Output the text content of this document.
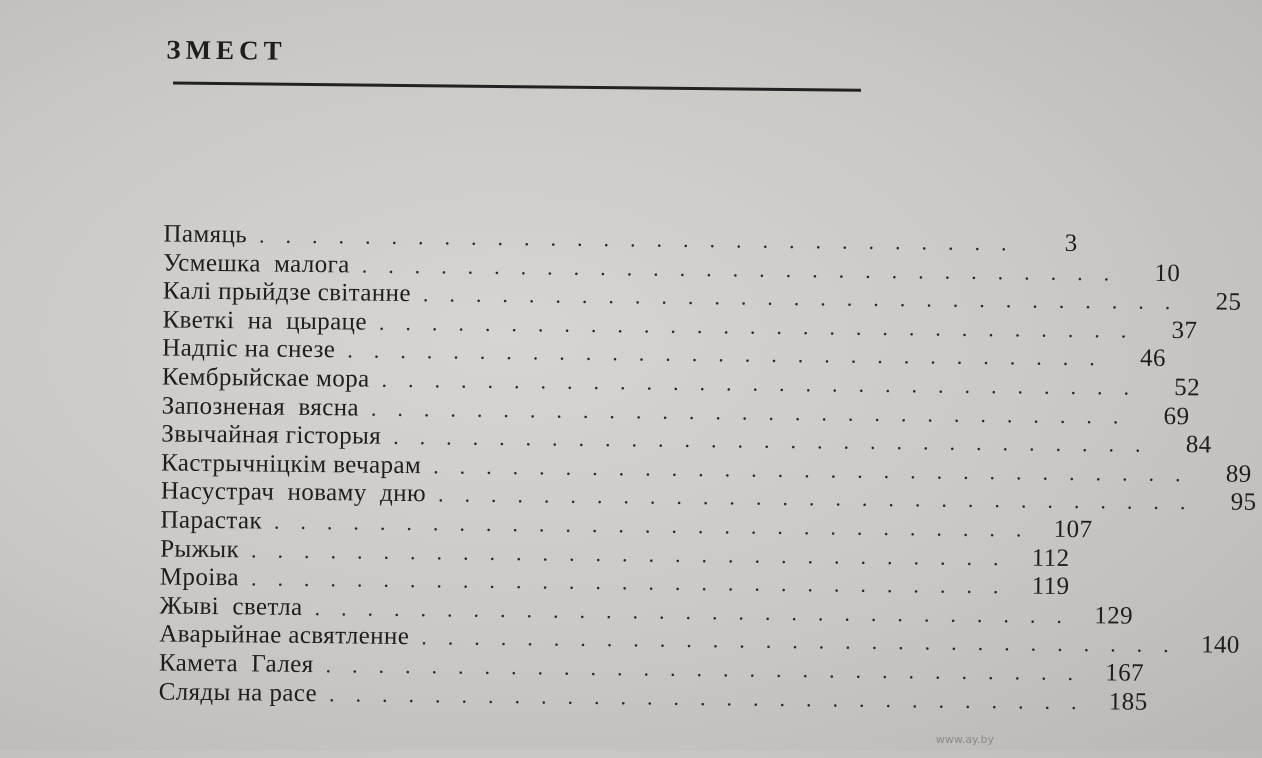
ЗМЕСТ
Памяць .............................	3
Усмешка  малога ............................. 10
Калі прыйдзе світанне ............................. 25
Кветкі  на  цыраце ............................. 37
Надпіс на снезе ............................. 46
Кембрыйскае мора ............................. 52
Запозненая  вясна ............................. 69
Звычайная гісторыя ............................. 84
Кастрычніцкім вечарам ............................. 89
Насустрач  новаму  дню ............................. 95
Парастак ............................. 107
Рыжык ............................. 112
Мроіва ............................. 119
Жыві  светла ............................. 129
Аварыйнае асвятленне ............................. 140
Камета  Галея ............................. 167
Сляды на расе ............................. 185
www.ay.by
